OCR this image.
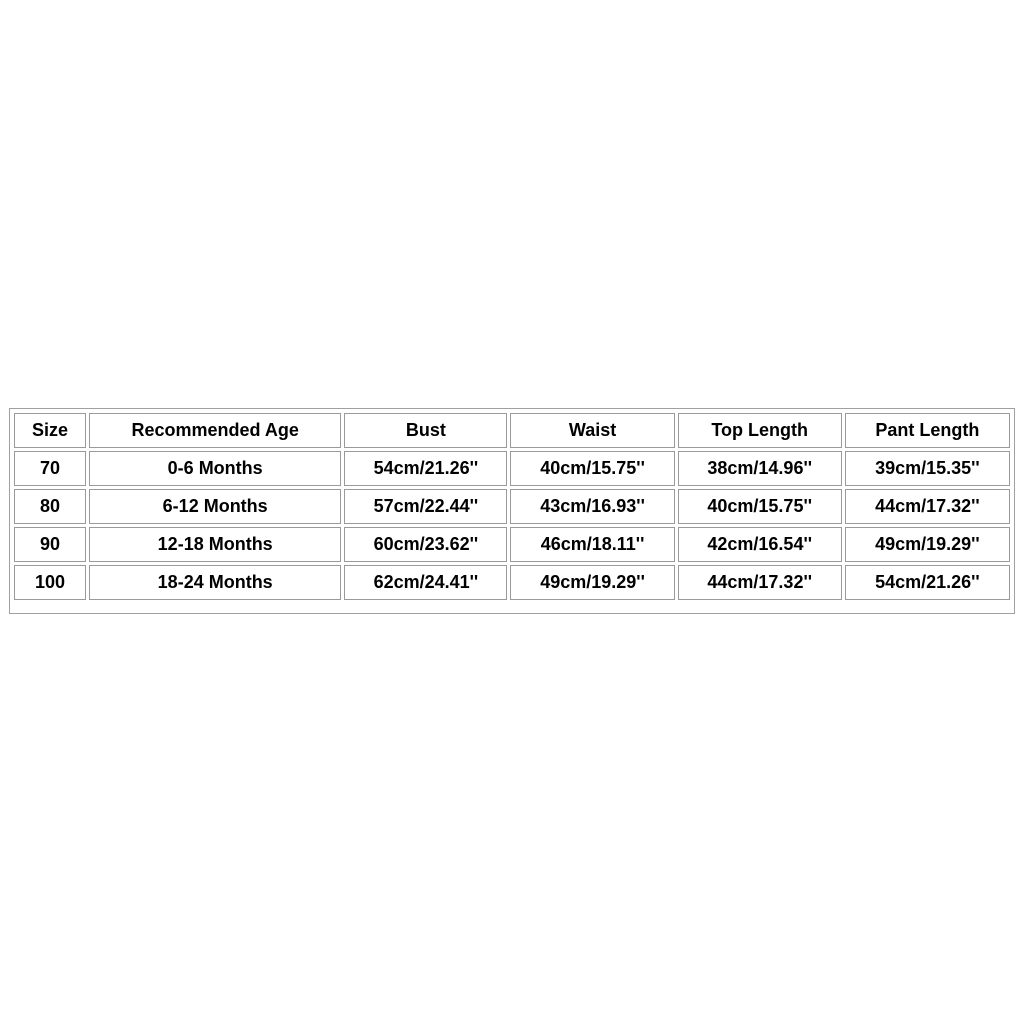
Size	Recommended Age	Bust	Waist	Top Length	Pant Length
70	0-6 Months	54cm/21.26''	40cm/15.75''	38cm/14.96''	39cm/15.35''
80	6-12 Months	57cm/22.44''	43cm/16.93''	40cm/15.75''	44cm/17.32''
90	12-18 Months	60cm/23.62''	46cm/18.11''	42cm/16.54''	49cm/19.29''
100	18-24 Months	62cm/24.41''	49cm/19.29''	44cm/17.32''	54cm/21.26''
